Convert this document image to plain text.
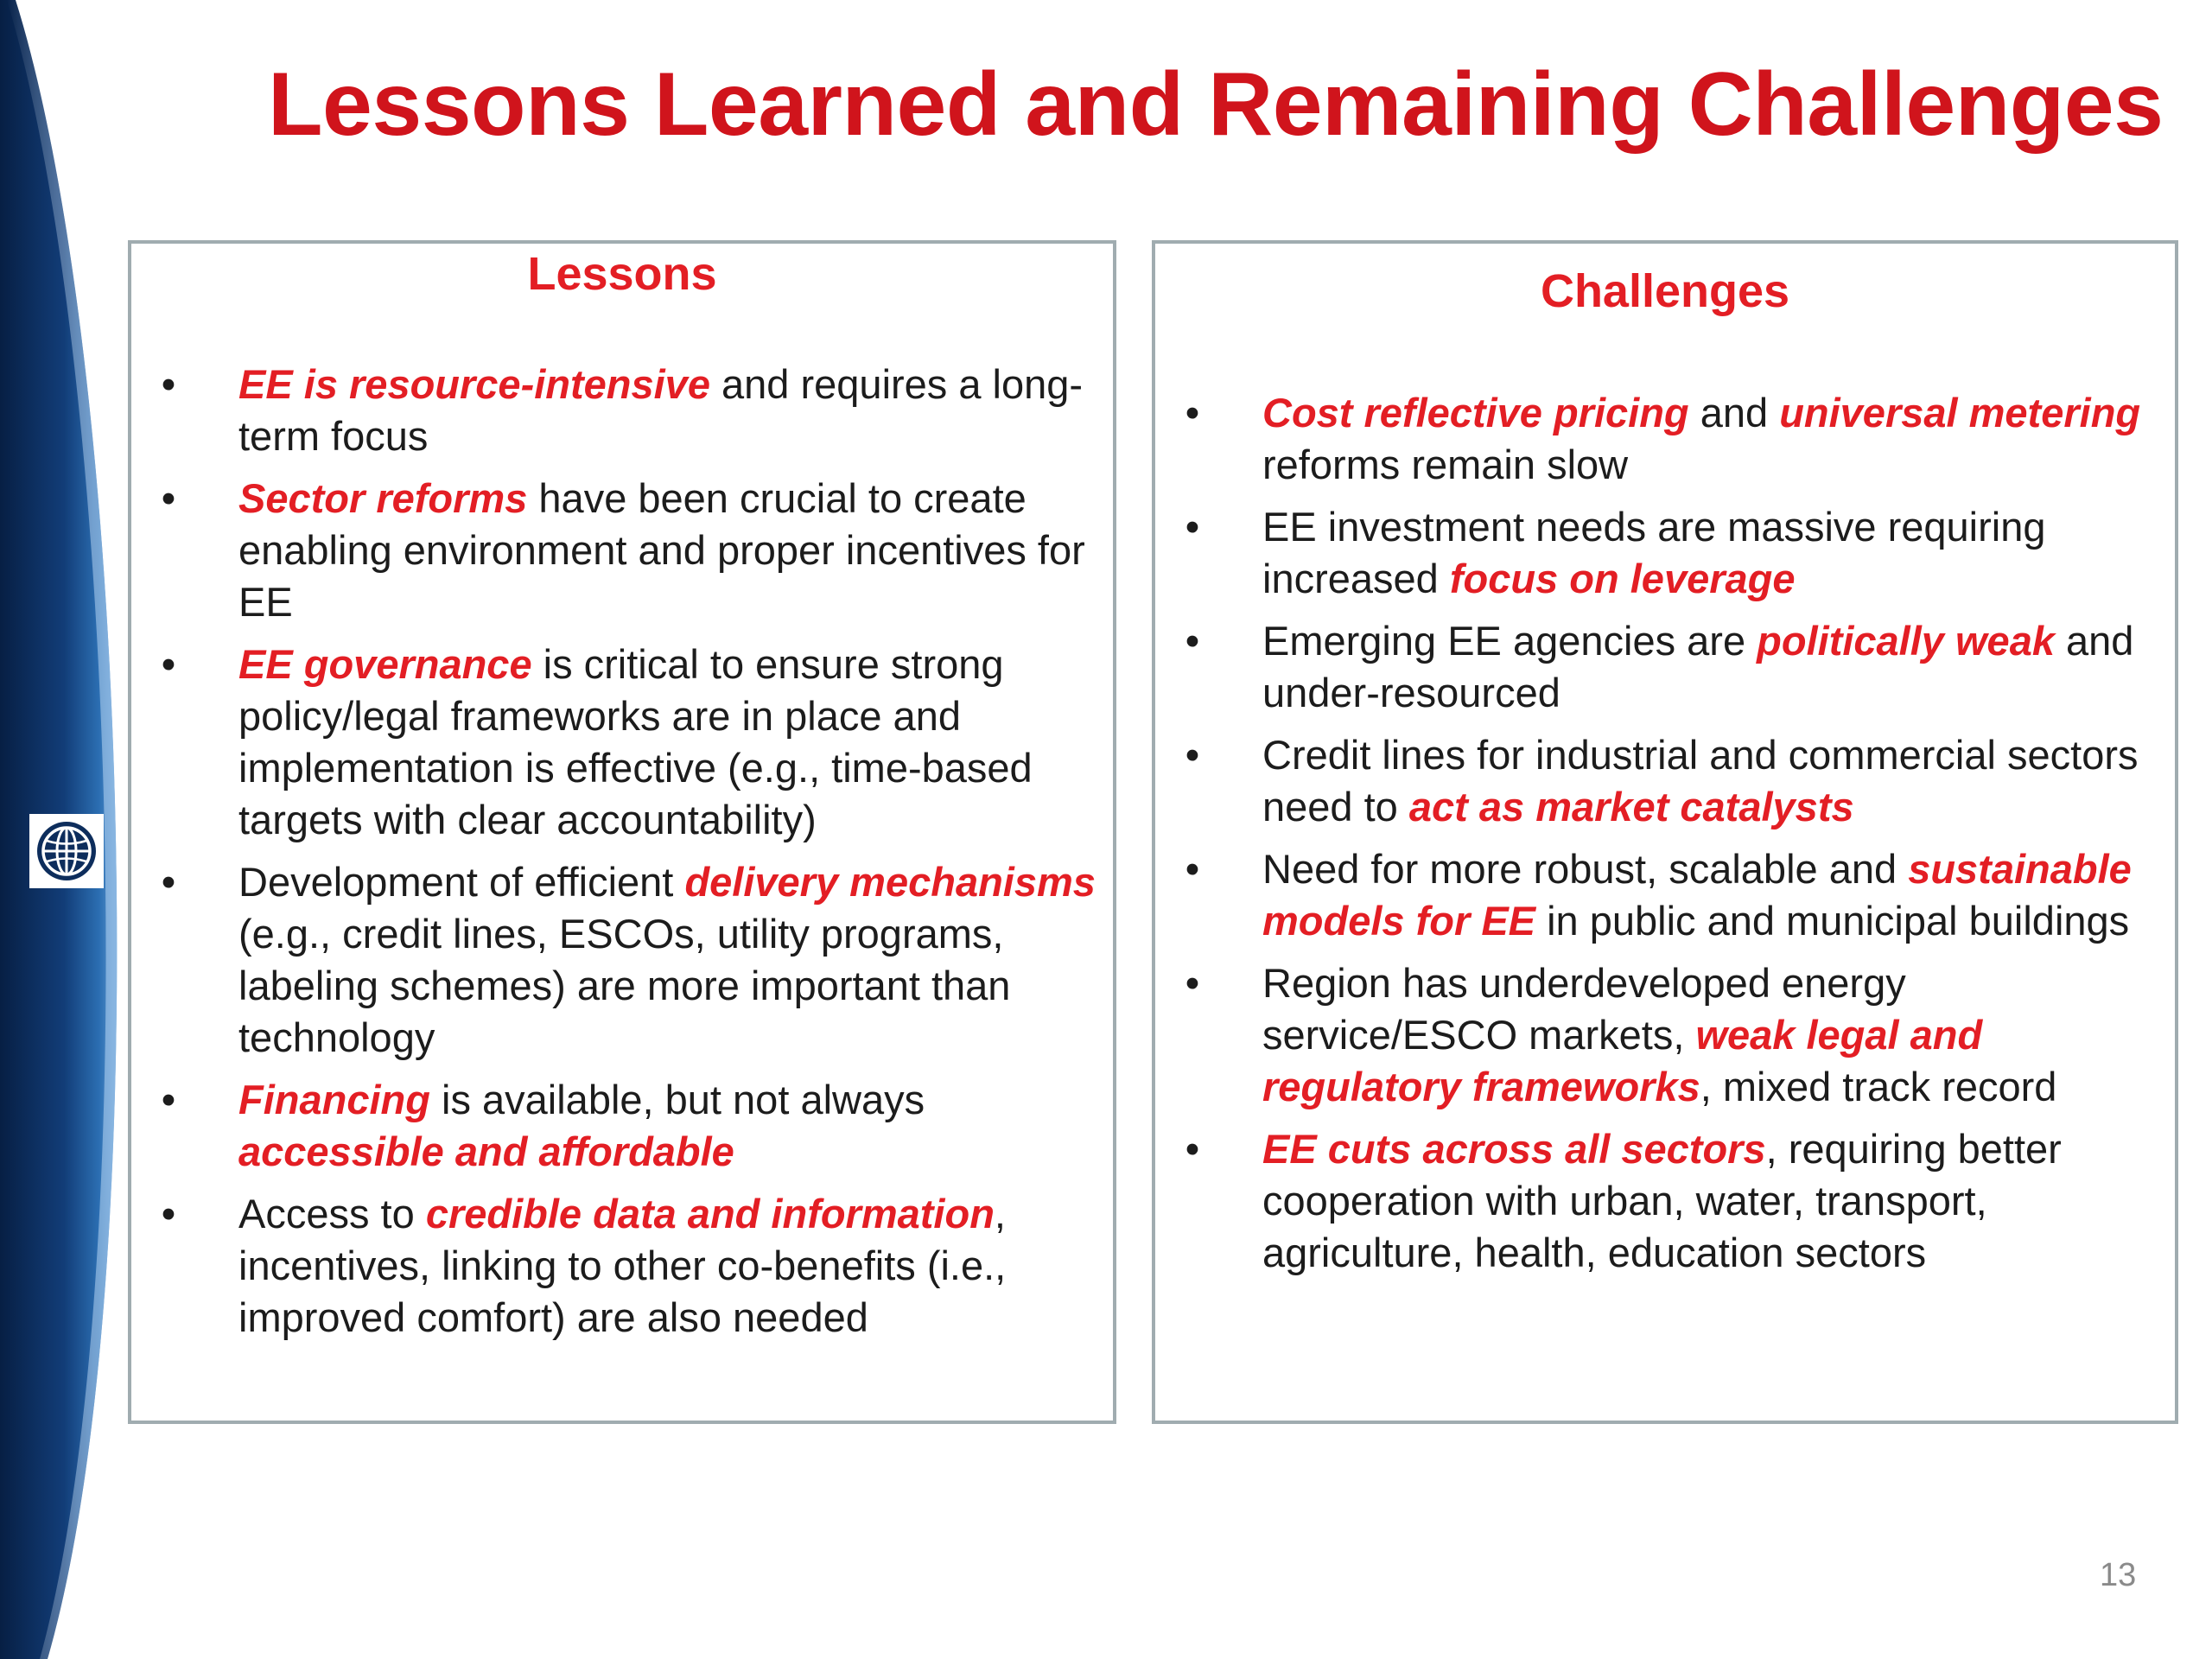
Lessons Learned and Remaining Challenges
Lessons
• EE is resource-intensive and requires a long-term focus
• Sector reforms have been crucial to create enabling environment and proper incentives for EE
• EE governance is critical to ensure strong policy/legal frameworks are in place and implementation is effective (e.g., time-based targets with clear accountability)
• Development of efficient delivery mechanisms (e.g., credit lines, ESCOs, utility programs, labeling schemes) are more important than technology
• Financing is available, but not always accessible and affordable
• Access to credible data and information, incentives, linking to other co-benefits (i.e., improved comfort) are also needed
Challenges
• Cost reflective pricing and universal metering reforms remain slow
• EE investment needs are massive requiring increased focus on leverage
• Emerging EE agencies are politically weak and under-resourced
• Credit lines for industrial and commercial sectors need to act as market catalysts
• Need for more robust, scalable and sustainable models for EE in public and municipal buildings
• Region has underdeveloped energy service/ESCO markets, weak legal and regulatory frameworks, mixed track record
• EE cuts across all sectors, requiring better cooperation with urban, water, transport, agriculture, health, education sectors
13
